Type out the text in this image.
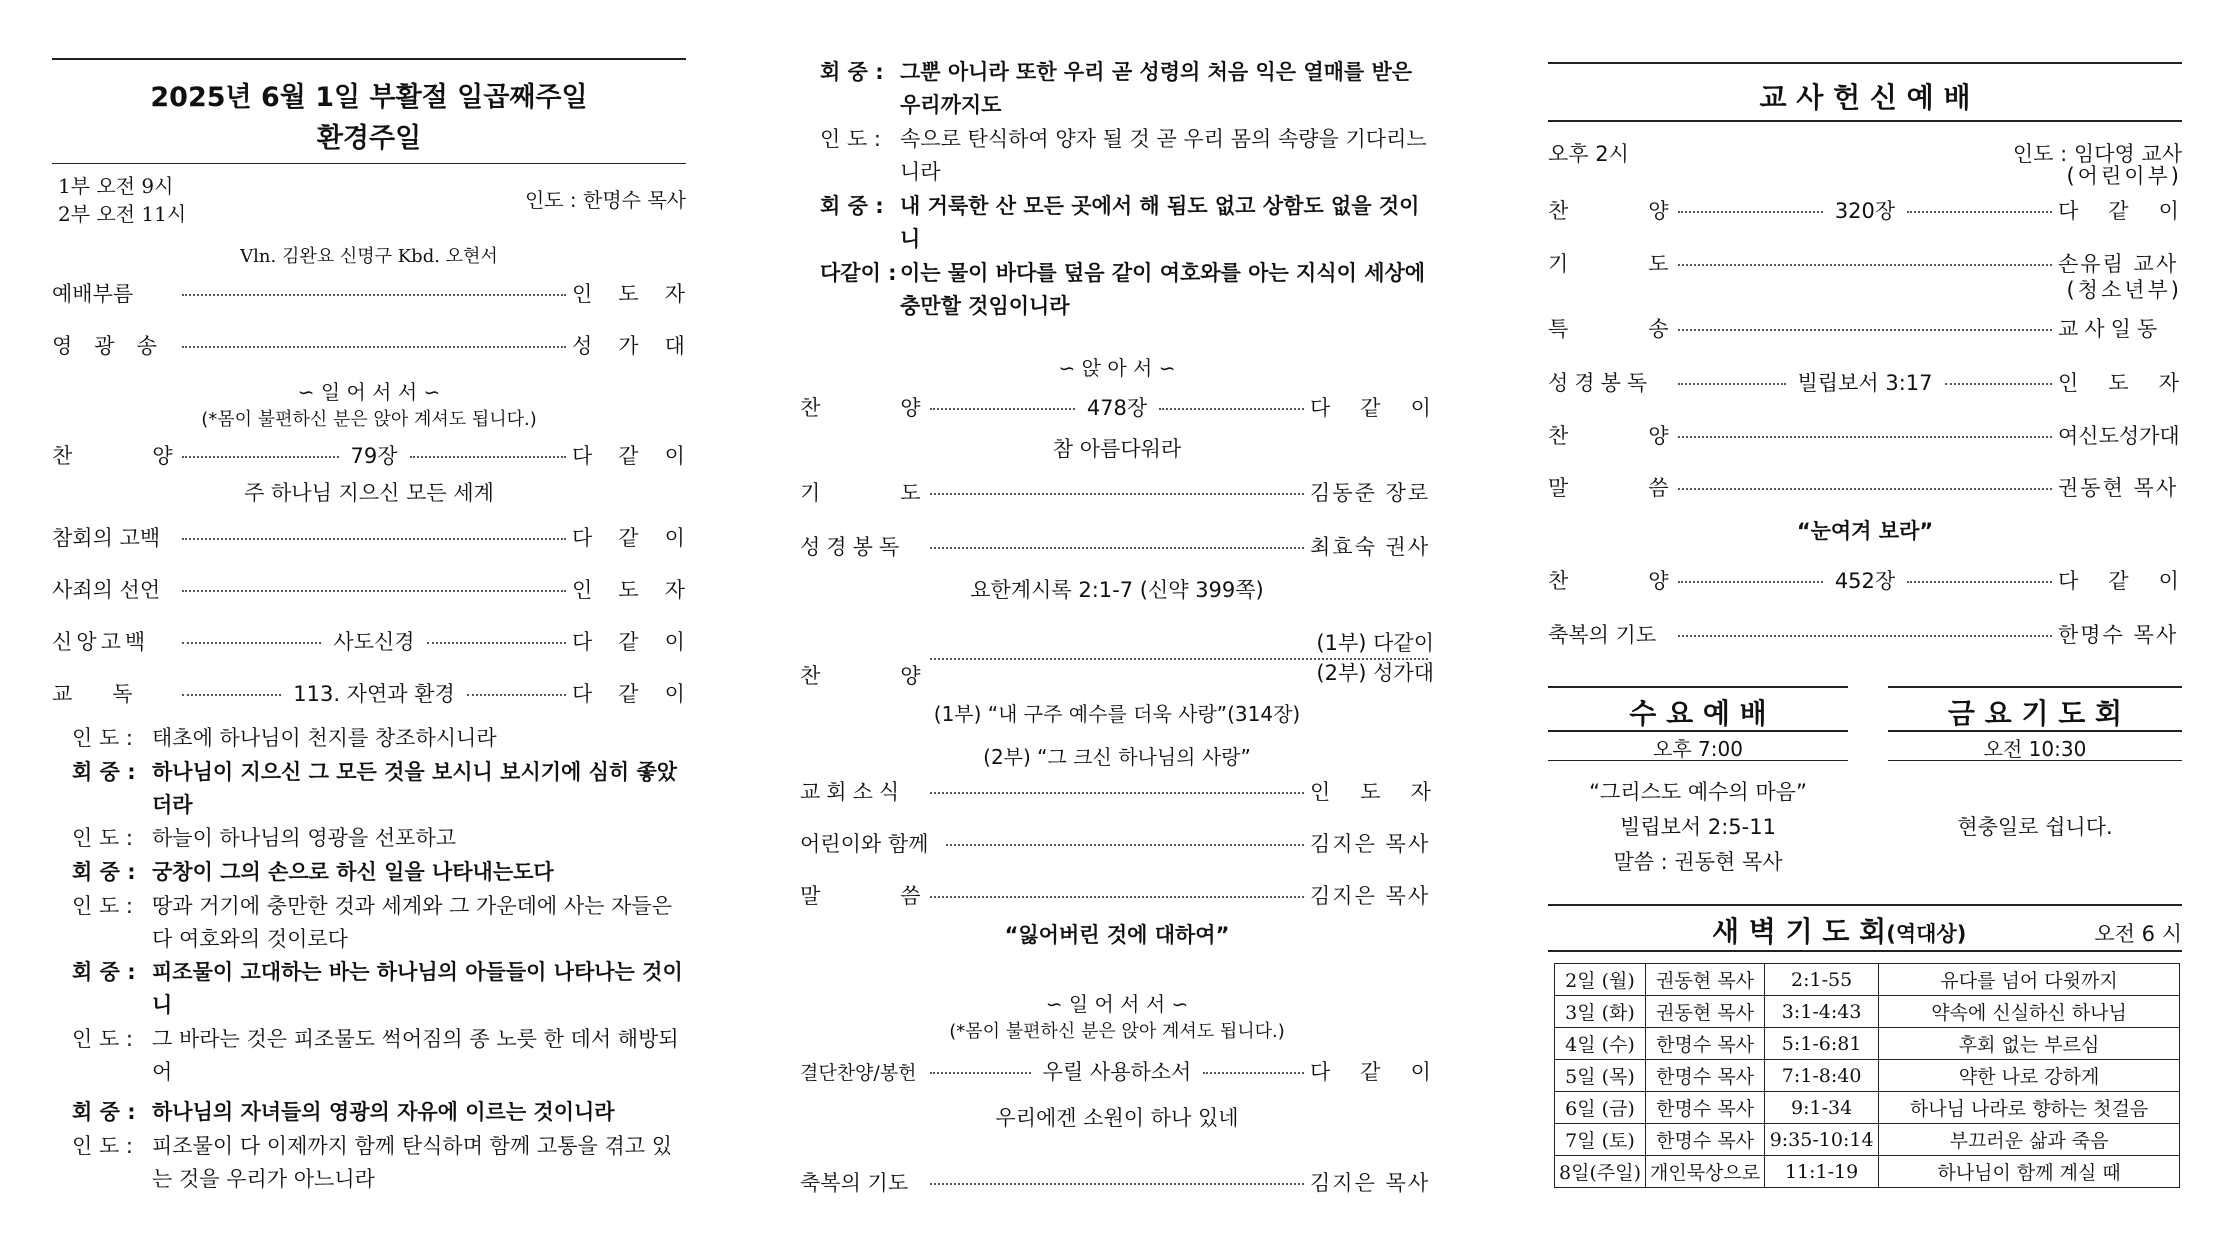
2025년 6월 1일 부활절 일곱째주일
환경주일
1부 오전 9시
2부 오전 11시
인도 : 한명수 목사
Vln. 김완요 신명구 Kbd. 오현서
예배부름	인도자
영광송	성가대
∽ 일 어 서 서 ∽
(*몸이 불편하신 분은 앉아 계셔도 됩니다.)
찬양	79장	다같이
주 하나님 지으신 모든 세계
참회의 고백	다같이
사죄의 선언	인도자
신앙고백	사도신경	다같이
교독	113. 자연과 환경	다같이
인 도 : 태초에 하나님이 천지를 창조하시니라
회 중 : 하나님이 지으신 그 모든 것을 보시니 보시기에 심히 좋았더라
인 도 : 하늘이 하나님의 영광을 선포하고
회 중 : 궁창이 그의 손으로 하신 일을 나타내는도다
인 도 : 땅과 거기에 충만한 것과 세계와 그 가운데에 사는 자들은 다 여호와의 것이로다
회 중 : 피조물이 고대하는 바는 하나님의 아들들이 나타나는 것이니
인 도 : 그 바라는 것은 피조물도 썩어짐의 종 노릇 한 데서 해방되어
회 중 : 하나님의 자녀들의 영광의 자유에 이르는 것이니라
인 도 : 피조물이 다 이제까지 함께 탄식하며 함께 고통을 겪고 있는 것을 우리가 아느니라
회 중 : 그뿐 아니라 또한 우리 곧 성령의 처음 익은 열매를 받은 우리까지도
인 도 : 속으로 탄식하여 양자 될 것 곧 우리 몸의 속량을 기다리느니라
회 중 : 내 거룩한 산 모든 곳에서 해 됨도 없고 상함도 없을 것이니
다같이 : 이는 물이 바다를 덮음 같이 여호와를 아는 지식이 세상에 충만할 것임이니라
∽ 앉 아 서 ∽
찬양	478장	다같이
참 아름다워라
기도	김동준 장로
성경봉독	최효숙 권사
요한계시록 2:1-7 (신약 399쪽)
찬양
(1부) 다같이
(2부) 성가대
(1부) “내 구주 예수를 더욱 사랑”(314장)
(2부) “그 크신 하나님의 사랑”
교회소식	인도자
어린이와 함께	김지은 목사
말씀	김지은 목사
“잃어버린 것에 대하여”
∽ 일 어 서 서 ∽
(*몸이 불편하신 분은 앉아 계셔도 됩니다.)
결단찬양/봉헌	우릴 사용하소서	다같이
우리에겐 소원이 하나 있네
축복의 기도	김지은 목사
교 사 헌 신 예 배
오후 2시	인도 : 임다영 교사
(어린이부)
찬양	320장	다같이
기도	손유림 교사
(청소년부)
특송	교사일동
성경봉독	빌립보서 3:17	인도자
찬양	여신도성가대
말씀	권동현 목사
“눈여겨 보라”
찬양	452장	다같이
축복의 기도	한명수 목사
수 요 예 배	금 요 기 도 회
오후 7:00	오전 10:30
“그리스도 예수의 마음”
빌립보서 2:5-11
말씀 : 권동현 목사
현충일로 쉽니다.
새 벽 기 도 회(역대상)	오전 6 시
2일 (월)	권동현 목사	2:1-55	유다를 넘어 다윗까지
3일 (화)	권동현 목사	3:1-4:43	약속에 신실하신 하나님
4일 (수)	한명수 목사	5:1-6:81	후회 없는 부르심
5일 (목)	한명수 목사	7:1-8:40	약한 나로 강하게
6일 (금)	한명수 목사	9:1-34	하나님 나라로 향하는 첫걸음
7일 (토)	한명수 목사	9:35-10:14	부끄러운 삶과 죽음
8일(주일)	개인묵상으로	11:1-19	하나님이 함께 계실 때
